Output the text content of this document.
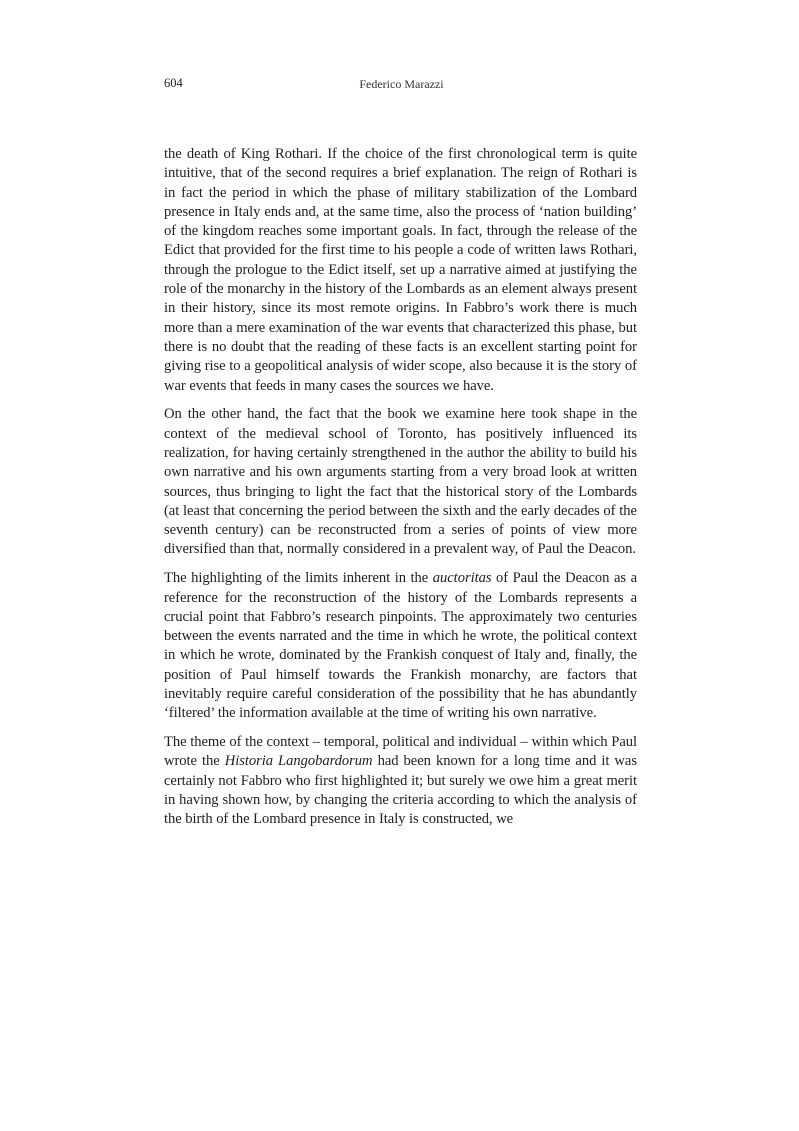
604	Federico Marazzi

the death of King Rothari. If the choice of the first chronological term is quite intuitive, that of the second requires a brief explanation. The reign of Rothari is in fact the period in which the phase of military stabilization of the Lombard presence in Italy ends and, at the same time, also the process of ‘nation building’ of the kingdom reaches some important goals. In fact, through the release of the Edict that provided for the first time to his people a code of written laws Rothari, through the prologue to the Edict itself, set up a narrative aimed at justifying the role of the monarchy in the history of the Lombards as an element always present in their history, since its most remote origins. In Fabbro’s work there is much more than a mere examination of the war events that characterized this phase, but there is no doubt that the reading of these facts is an excellent starting point for giving rise to a geopolitical analysis of wider scope, also because it is the story of war events that feeds in many cases the sources we have.

On the other hand, the fact that the book we examine here took shape in the context of the medieval school of Toronto, has positively influenced its realization, for having certainly strengthened in the author the ability to build his own narrative and his own arguments starting from a very broad look at written sources, thus bringing to light the fact that the historical story of the Lombards (at least that concerning the period between the sixth and the early decades of the seventh century) can be reconstructed from a series of points of view more diversified than that, normally considered in a prevalent way, of Paul the Deacon.

The highlighting of the limits inherent in the auctoritas of Paul the Deacon as a reference for the reconstruction of the history of the Lombards represents a crucial point that Fabbro’s research pinpoints. The approximately two centuries between the events narrated and the time in which he wrote, the political context in which he wrote, dominated by the Frankish conquest of Italy and, finally, the position of Paul himself towards the Frankish monarchy, are factors that inevitably require careful consideration of the possibility that he has abundantly ‘filtered’ the information available at the time of writing his own narrative.

The theme of the context – temporal, political and individual – within which Paul wrote the Historia Langobardorum had been known for a long time and it was certainly not Fabbro who first highlighted it; but surely we owe him a great merit in having shown how, by changing the criteria according to which the analysis of the birth of the Lombard presence in Italy is constructed, we
